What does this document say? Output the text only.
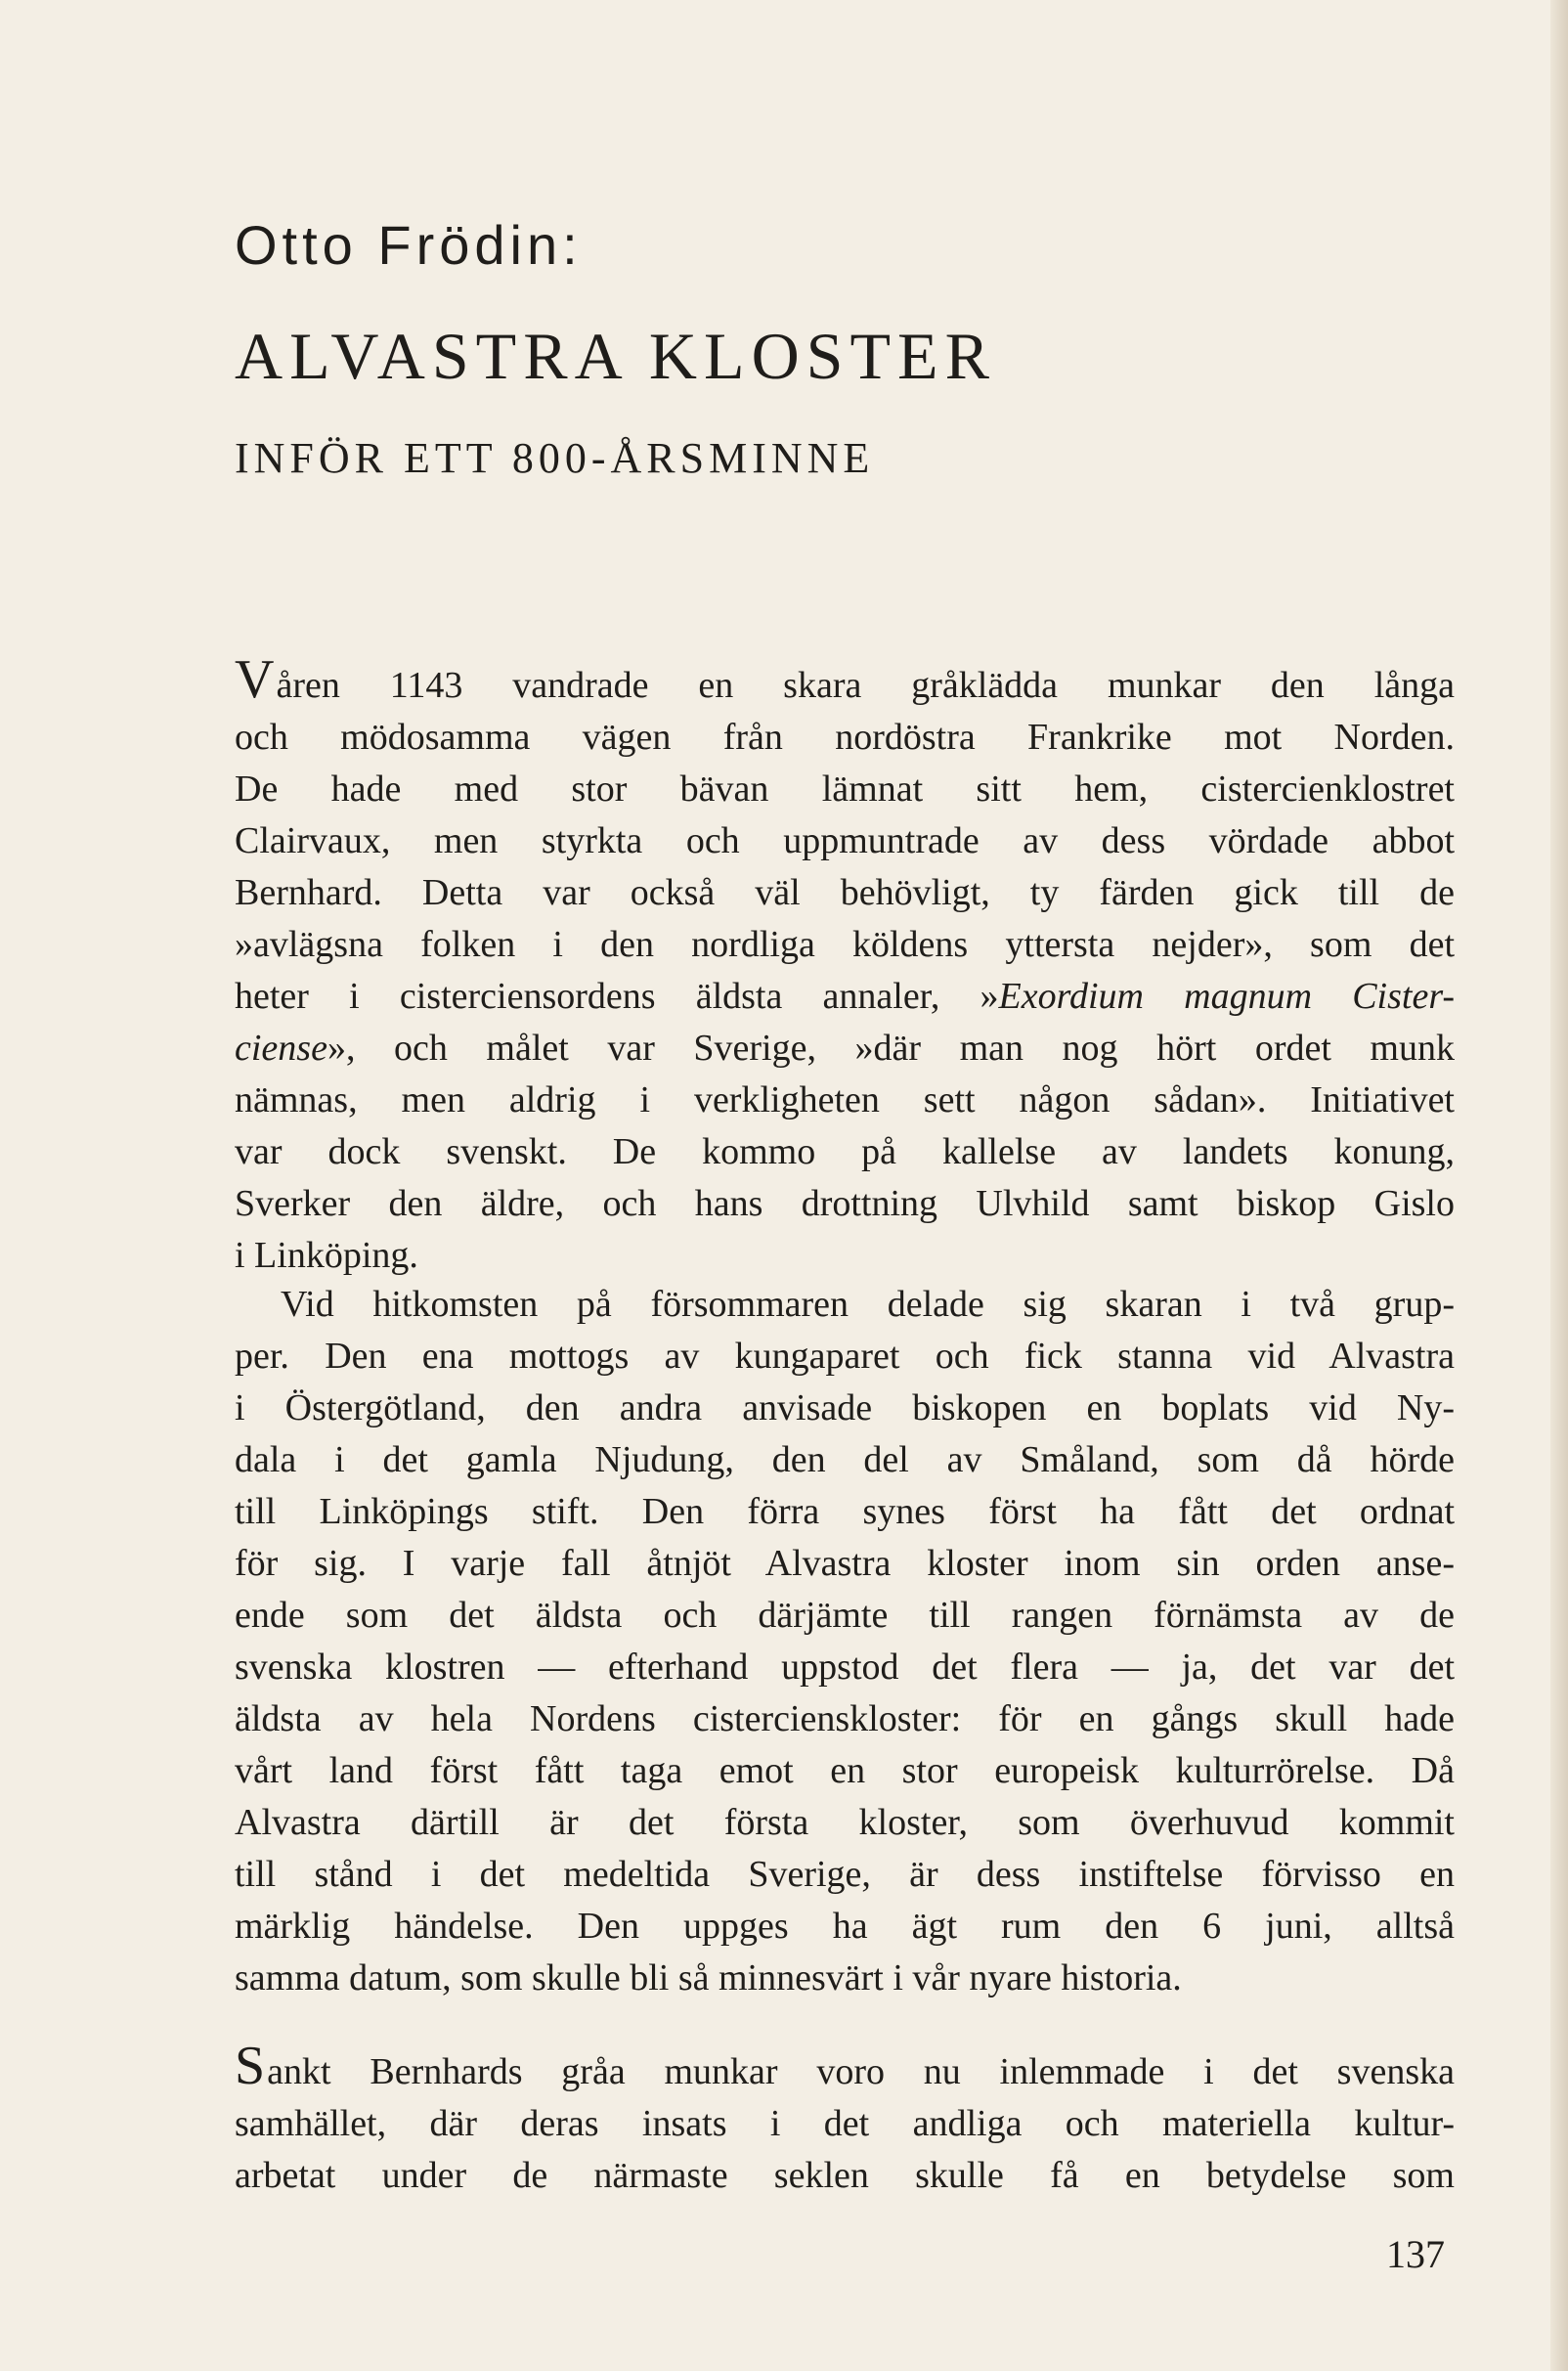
Otto Frödin:
ALVASTRA KLOSTER
INFÖR ETT 800-ÅRSMINNE
Våren 1143 vandrade en skara gråklädda munkar den långa
och mödosamma vägen från nordöstra Frankrike mot Norden.
De hade med stor bävan lämnat sitt hem, cistercienklostret
Clairvaux, men styrkta och uppmuntrade av dess vördade abbot
Bernhard. Detta var också väl behövligt, ty färden gick till de
»avlägsna folken i den nordliga köldens yttersta nejder», som det
heter i cisterciensordens äldsta annaler, »Exordium magnum Cister-
ciense», och målet var Sverige, »där man nog hört ordet munk
nämnas, men aldrig i verkligheten sett någon sådan». Initiativet
var dock svenskt. De kommo på kallelse av landets konung,
Sverker den äldre, och hans drottning Ulvhild samt biskop Gislo
i Linköping.
Vid hitkomsten på försommaren delade sig skaran i två grup-
per. Den ena mottogs av kungaparet och fick stanna vid Alvastra
i Östergötland, den andra anvisade biskopen en boplats vid Ny-
dala i det gamla Njudung, den del av Småland, som då hörde
till Linköpings stift. Den förra synes först ha fått det ordnat
för sig. I varje fall åtnjöt Alvastra kloster inom sin orden anse-
ende som det äldsta och därjämte till rangen förnämsta av de
svenska klostren — efterhand uppstod det flera — ja, det var det
äldsta av hela Nordens cistercienskloster: för en gångs skull hade
vårt land först fått taga emot en stor europeisk kulturrörelse. Då
Alvastra därtill är det första kloster, som överhuvud kommit
till stånd i det medeltida Sverige, är dess instiftelse förvisso en
märklig händelse. Den uppges ha ägt rum den 6 juni, alltså
samma datum, som skulle bli så minnesvärt i vår nyare historia.
Sankt Bernhards gråa munkar voro nu inlemmade i det svenska
samhället, där deras insats i det andliga och materiella kultur-
arbetat under de närmaste seklen skulle få en betydelse som

137
